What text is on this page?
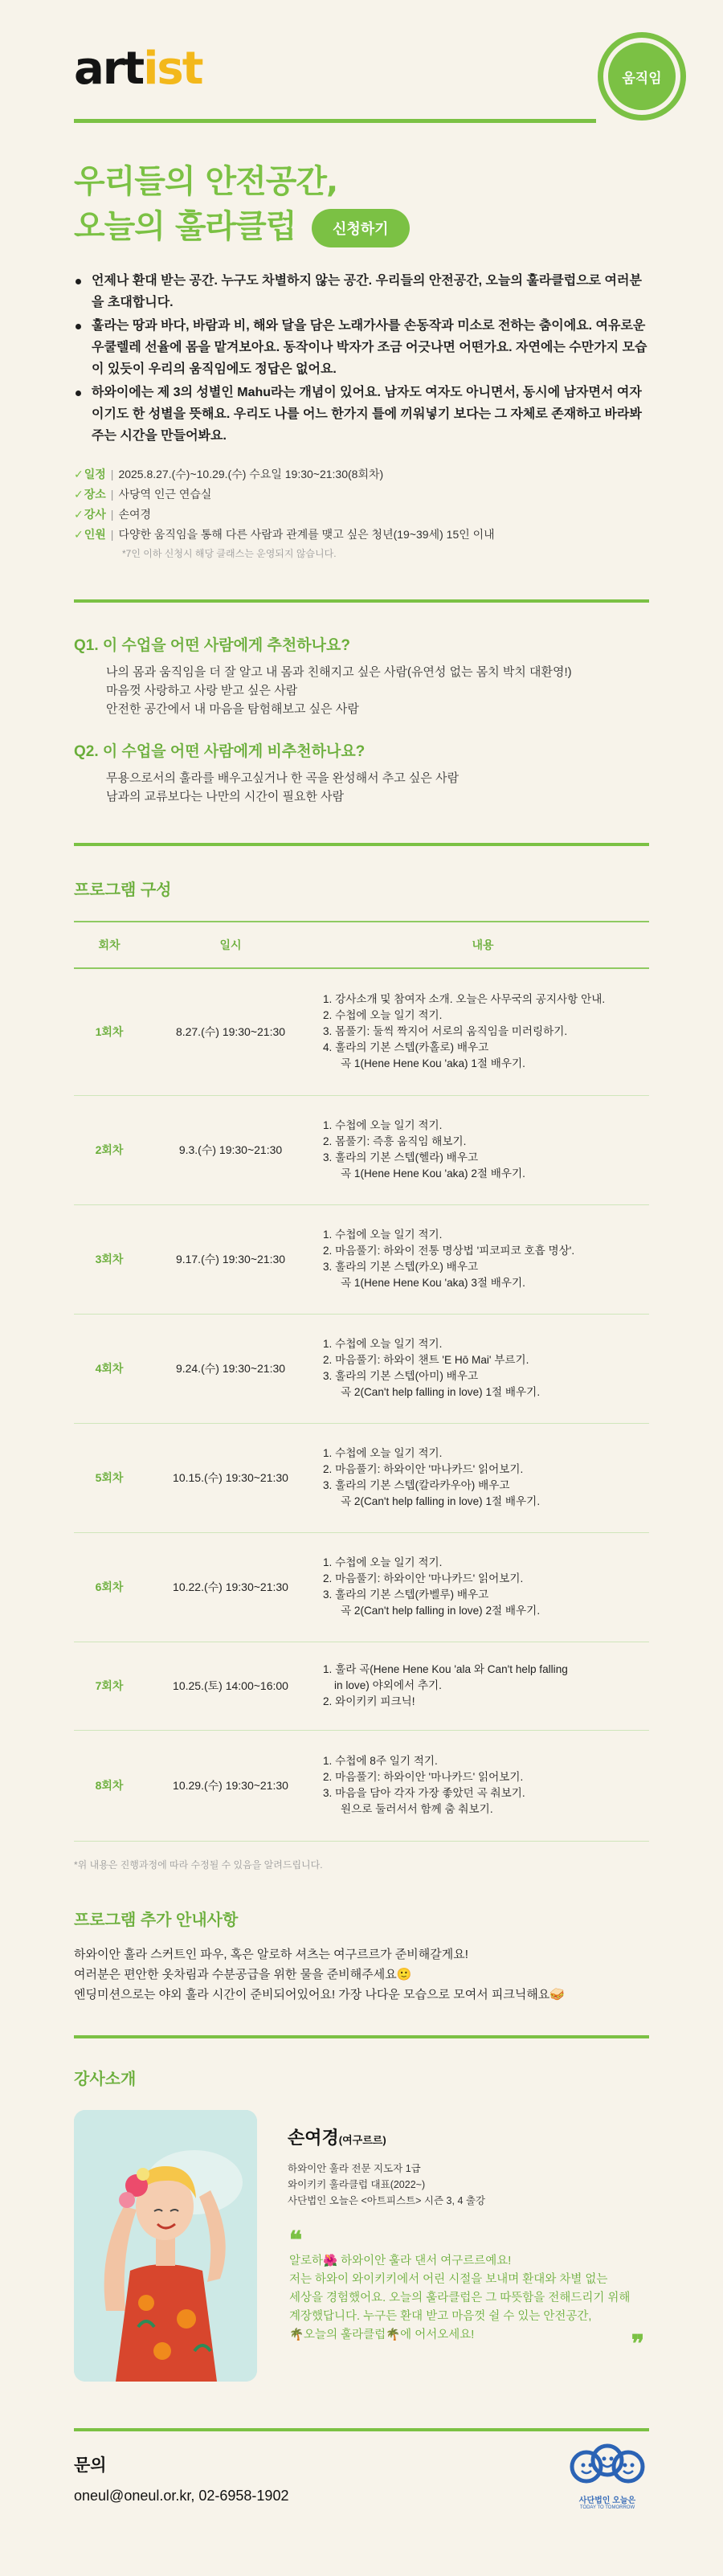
artist	움직임
우리들의 안전공간,
오늘의 훌라클럽	신청하기
언제나 환대 받는 공간. 누구도 차별하지 않는 공간. 우리들의 안전공간, 오늘의 훌라클럽으로 여러분을 초대합니다.
훌라는 땅과 바다, 바람과 비, 해와 달을 담은 노래가사를 손동작과 미소로 전하는 춤이에요. 여유로운 우쿨렐레 선율에 몸을 맡겨보아요. 동작이나 박자가 조금 어긋나면 어떤가요. 자연에는 수만가지 모습이 있듯이 우리의 움직임에도 정답은 없어요.
하와이에는 제 3의 성별인 Mahu라는 개념이 있어요. 남자도 여자도 아니면서, 동시에 남자면서 여자이기도 한 성별을 뜻해요. 우리도 나를 어느 한가지 틀에 끼워넣기 보다는 그 자체로 존재하고 바라봐주는 시간을 만들어봐요.
✓일정 | 2025.8.27.(수)~10.29.(수) 수요일 19:30~21:30(8회차)
✓장소 | 사당역 인근 연습실
✓강사 | 손여경
✓인원 | 다양한 움직임을 통해 다른 사람과 관계를 맺고 싶은 청년(19~39세) 15인 이내
*7인 이하 신청시 해당 클래스는 운영되지 않습니다.
Q1. 이 수업을 어떤 사람에게 추천하나요?
나의 몸과 움직임을 더 잘 알고 내 몸과 친해지고 싶은 사람(유연성 없는 몸치 박치 대환영!)
마음껏 사랑하고 사랑 받고 싶은 사람
안전한 공간에서 내 마음을 탐험해보고 싶은 사람
Q2. 이 수업을 어떤 사람에게 비추천하나요?
무용으로서의 훌라를 배우고싶거나 한 곡을 완성해서 추고 싶은 사람
남과의 교류보다는 나만의 시간이 필요한 사람
프로그램 구성
회차	일시	내용
1회차	8.27.(수) 19:30~21:30	1. 강사소개 및 참여자 소개. 오늘은 사무국의 공지사항 안내.
2. 수첩에 오늘 일기 적기.
3. 몸풀기: 둘씩 짝지어 서로의 움직임을 미러링하기.
4. 훌라의 기본 스텝(카홀로) 배우고
곡 1(Hene Hene Kou 'aka) 1절 배우기.

2회차	9.3.(수) 19:30~21:30	1. 수첩에 오늘 일기 적기.
2. 몸풀기: 즉흥 움직임 해보기.
3. 훌라의 기본 스텝(헬라) 배우고
곡 1(Hene Hene Kou 'aka) 2절 배우기.

3회차	9.17.(수) 19:30~21:30	1. 수첩에 오늘 일기 적기.
2. 마음풀기: 하와이 전통 명상법 '피코피코 호흡 명상'.
3. 훌라의 기본 스텝(카오) 배우고
곡 1(Hene Hene Kou 'aka) 3절 배우기.

4회차	9.24.(수) 19:30~21:30	1. 수첩에 오늘 일기 적기.
2. 마음풀기: 하와이 챈트 'E Hō Mai' 부르기.
3. 훌라의 기본 스텝(아미) 배우고
곡 2(Can't help falling in love) 1절 배우기.

5회차	10.15.(수) 19:30~21:30	1. 수첩에 오늘 일기 적기.
2. 마음풀기: 하와이안 '마나카드' 읽어보기.
3. 훌라의 기본 스텝(칼라카우아) 배우고
곡 2(Can't help falling in love) 1절 배우기.

6회차	10.22.(수) 19:30~21:30	1. 수첩에 오늘 일기 적기.
2. 마음풀기: 하와이안 '마나카드' 읽어보기.
3. 훌라의 기본 스텝(카벨루) 배우고
곡 2(Can't help falling in love) 2절 배우기.

7회차	10.25.(토) 14:00~16:00	1. 훌라 곡(Hene Hene Kou 'ala 와 Can't help falling
in love) 야외에서 추기.
2. 와이키키 피크닉!

8회차	10.29.(수) 19:30~21:30	1. 수첩에 8주 일기 적기.
2. 마음풀기: 하와이안 '마나카드' 읽어보기.
3. 마음을 담아 각자 가장 좋았던 곡 춰보기.
원으로 둘러서서 함께 춤 춰보기.
*위 내용은 진행과정에 따라 수정될 수 있음을 알려드립니다.
프로그램 추가 안내사항
하와이안 훌라 스커트인 파우, 혹은 알로하 셔츠는 여구르르가 준비해갈게요!
여러분은 편안한 옷차림과 수분공급을 위한 물을 준비해주세요🙂
엔딩미션으로는 야외 훌라 시간이 준비되어있어요! 가장 나다운 모습으로 모여서 피크닉해요🥪
강사소개
손여경(여구르르)
하와이안 훌라 전문 지도자 1급
와이키키 훌라클럽 대표(2022~)
사단법인 오늘은 <아트피스트> 시즌 3, 4 출강
❝
알로하🌺 하와이안 훌라 댄서 여구르르예요!
저는 하와이 와이키키에서 어린 시절을 보내며 환대와 차별 없는
세상을 경험했어요. 오늘의 훌라클럽은 그 따뜻함을 전해드리기 위해
계장했답니다. 누구든 환대 받고 마음껏 쉴 수 있는 안전공간,
🌴오늘의 훌라클럽🌴에 어서오세요!	❞
문의
oneul@oneul.or.kr, 02-6958-1902	사단법인 오늘은
TODAY TO TOMORROW
